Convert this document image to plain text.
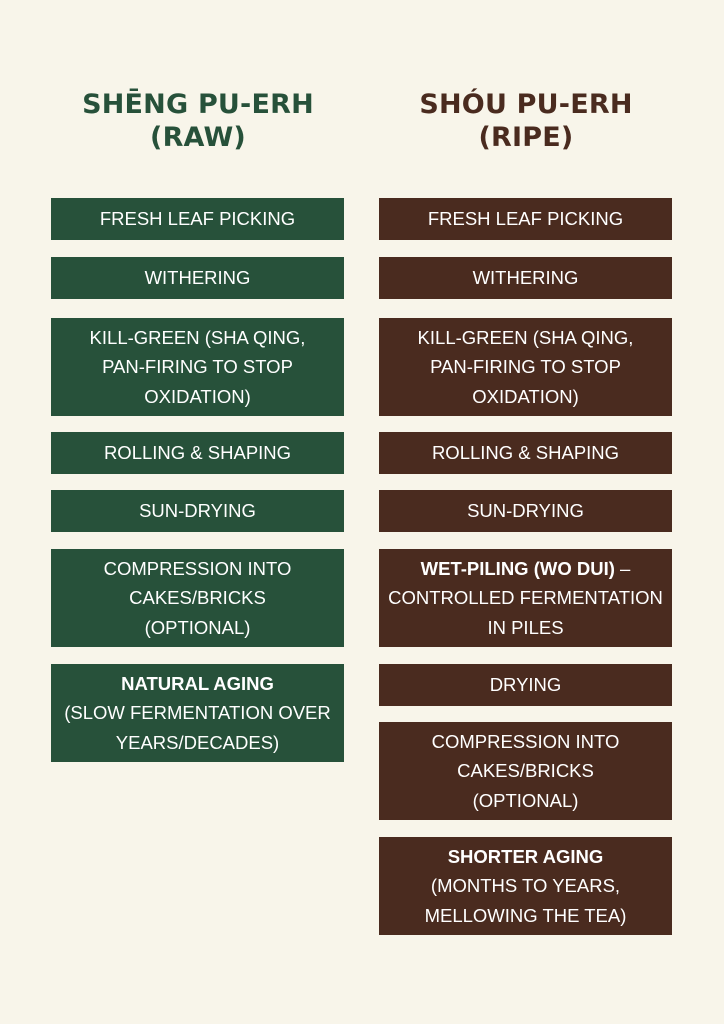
SHĒNG PU-ERH
(RAW)
SHÓU PU-ERH
(RIPE)
FRESH LEAF PICKING
WITHERING
KILL-GREEN (SHA QING,
PAN-FIRING TO STOP
OXIDATION)
ROLLING & SHAPING
SUN-DRYING
COMPRESSION INTO
CAKES/BRICKS
(OPTIONAL)
NATURAL AGING
(SLOW FERMENTATION OVER
YEARS/DECADES)
FRESH LEAF PICKING
WITHERING
KILL-GREEN (SHA QING,
PAN-FIRING TO STOP
OXIDATION)
ROLLING & SHAPING
SUN-DRYING
WET-PILING (WO DUI) –
CONTROLLED FERMENTATION
IN PILES
DRYING
COMPRESSION INTO
CAKES/BRICKS
(OPTIONAL)
SHORTER AGING
(MONTHS TO YEARS,
MELLOWING THE TEA)
